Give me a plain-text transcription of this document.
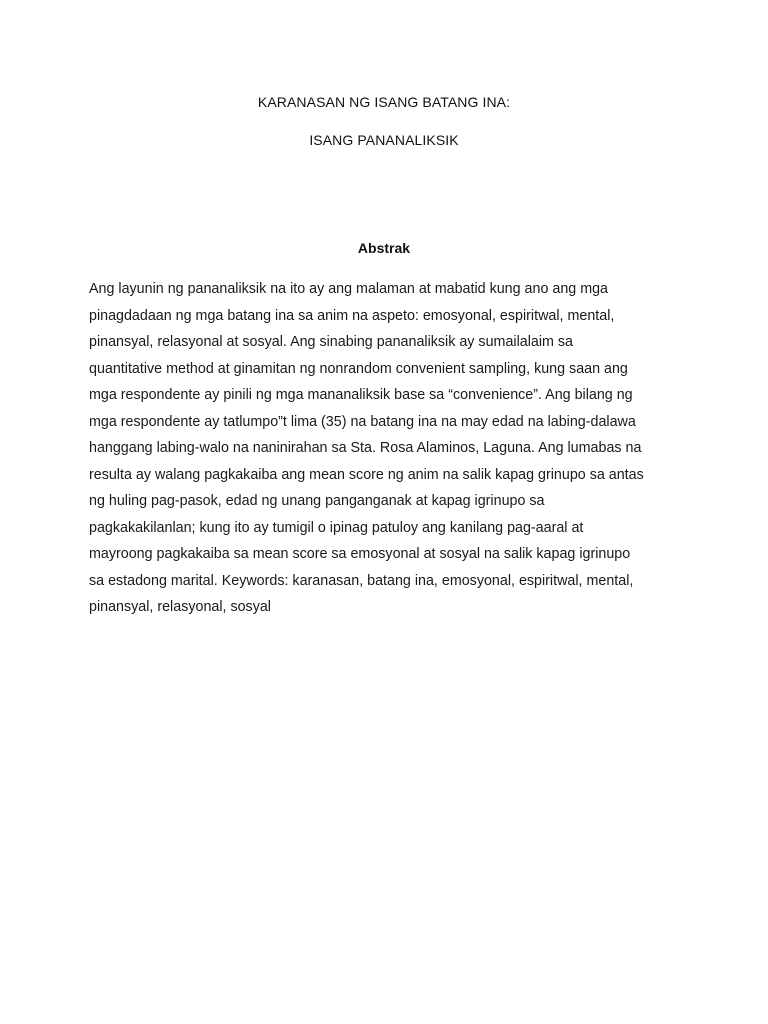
KARANASAN NG ISANG BATANG INA:
ISANG PANANALIKSIK
Abstrak

Ang layunin ng pananaliksik na ito ay ang malaman at mabatid kung ano ang mga
pinagdadaan ng mga batang ina sa anim na aspeto: emosyonal, espiritwal, mental,
pinansyal, relasyonal at sosyal. Ang sinabing pananaliksik ay sumailalaim sa
quantitative method at ginamitan ng nonrandom convenient sampling, kung saan ang
mga respondente ay pinili ng mga mananaliksik base sa “convenience”. Ang bilang ng
mga respondente ay tatlumpo”t lima (35) na batang ina na may edad na labing-dalawa
hanggang labing-walo na naninirahan sa Sta. Rosa Alaminos, Laguna. Ang lumabas na
resulta ay walang pagkakaiba ang mean score ng anim na salik kapag grinupo sa antas
ng huling pag-pasok, edad ng unang panganganak at kapag igrinupo sa
pagkakakilanlan; kung ito ay tumigil o ipinag patuloy ang kanilang pag-aaral at
mayroong pagkakaiba sa mean score sa emosyonal at sosyal na salik kapag igrinupo
sa estadong marital. Keywords: karanasan, batang ina, emosyonal, espiritwal, mental,
pinansyal, relasyonal, sosyal
